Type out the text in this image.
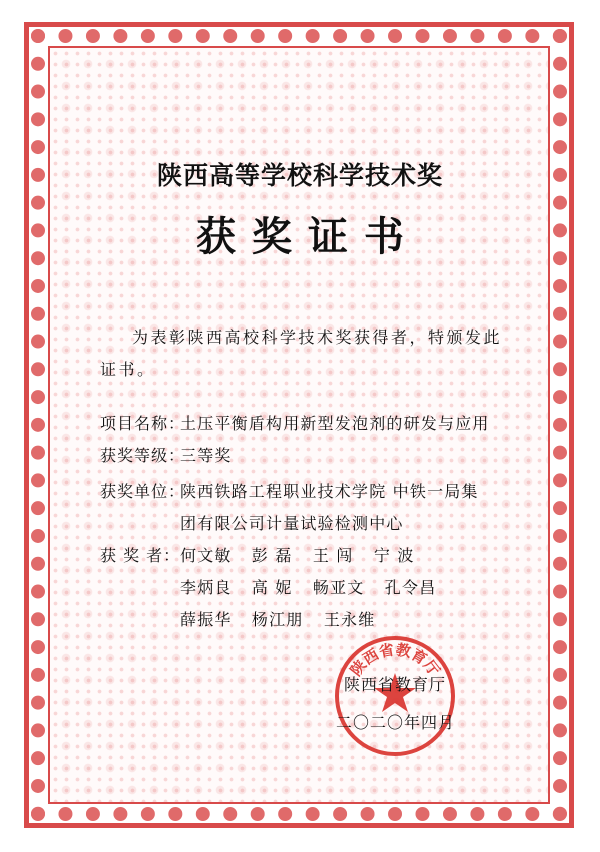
陕西高等学校科学技术奖
获奖证书
为表彰陕西高校科学技术奖获得者，特颁发此证书。
项目名称：
土压平衡盾构用新型发泡剂的研发与应用
获奖等级：
三等奖
获奖单位：
陕西铁路工程职业技术学院 中铁一局集
团有限公司计量试验检测中心
获 奖 者： 何文敏 彭 磊 王 闯 宁 波
李炳良 高 妮 畅亚文 孔令昌
薛振华 杨江朋 王永维
陕西省教育厅
陕西省教育厅
二〇二〇年四月
